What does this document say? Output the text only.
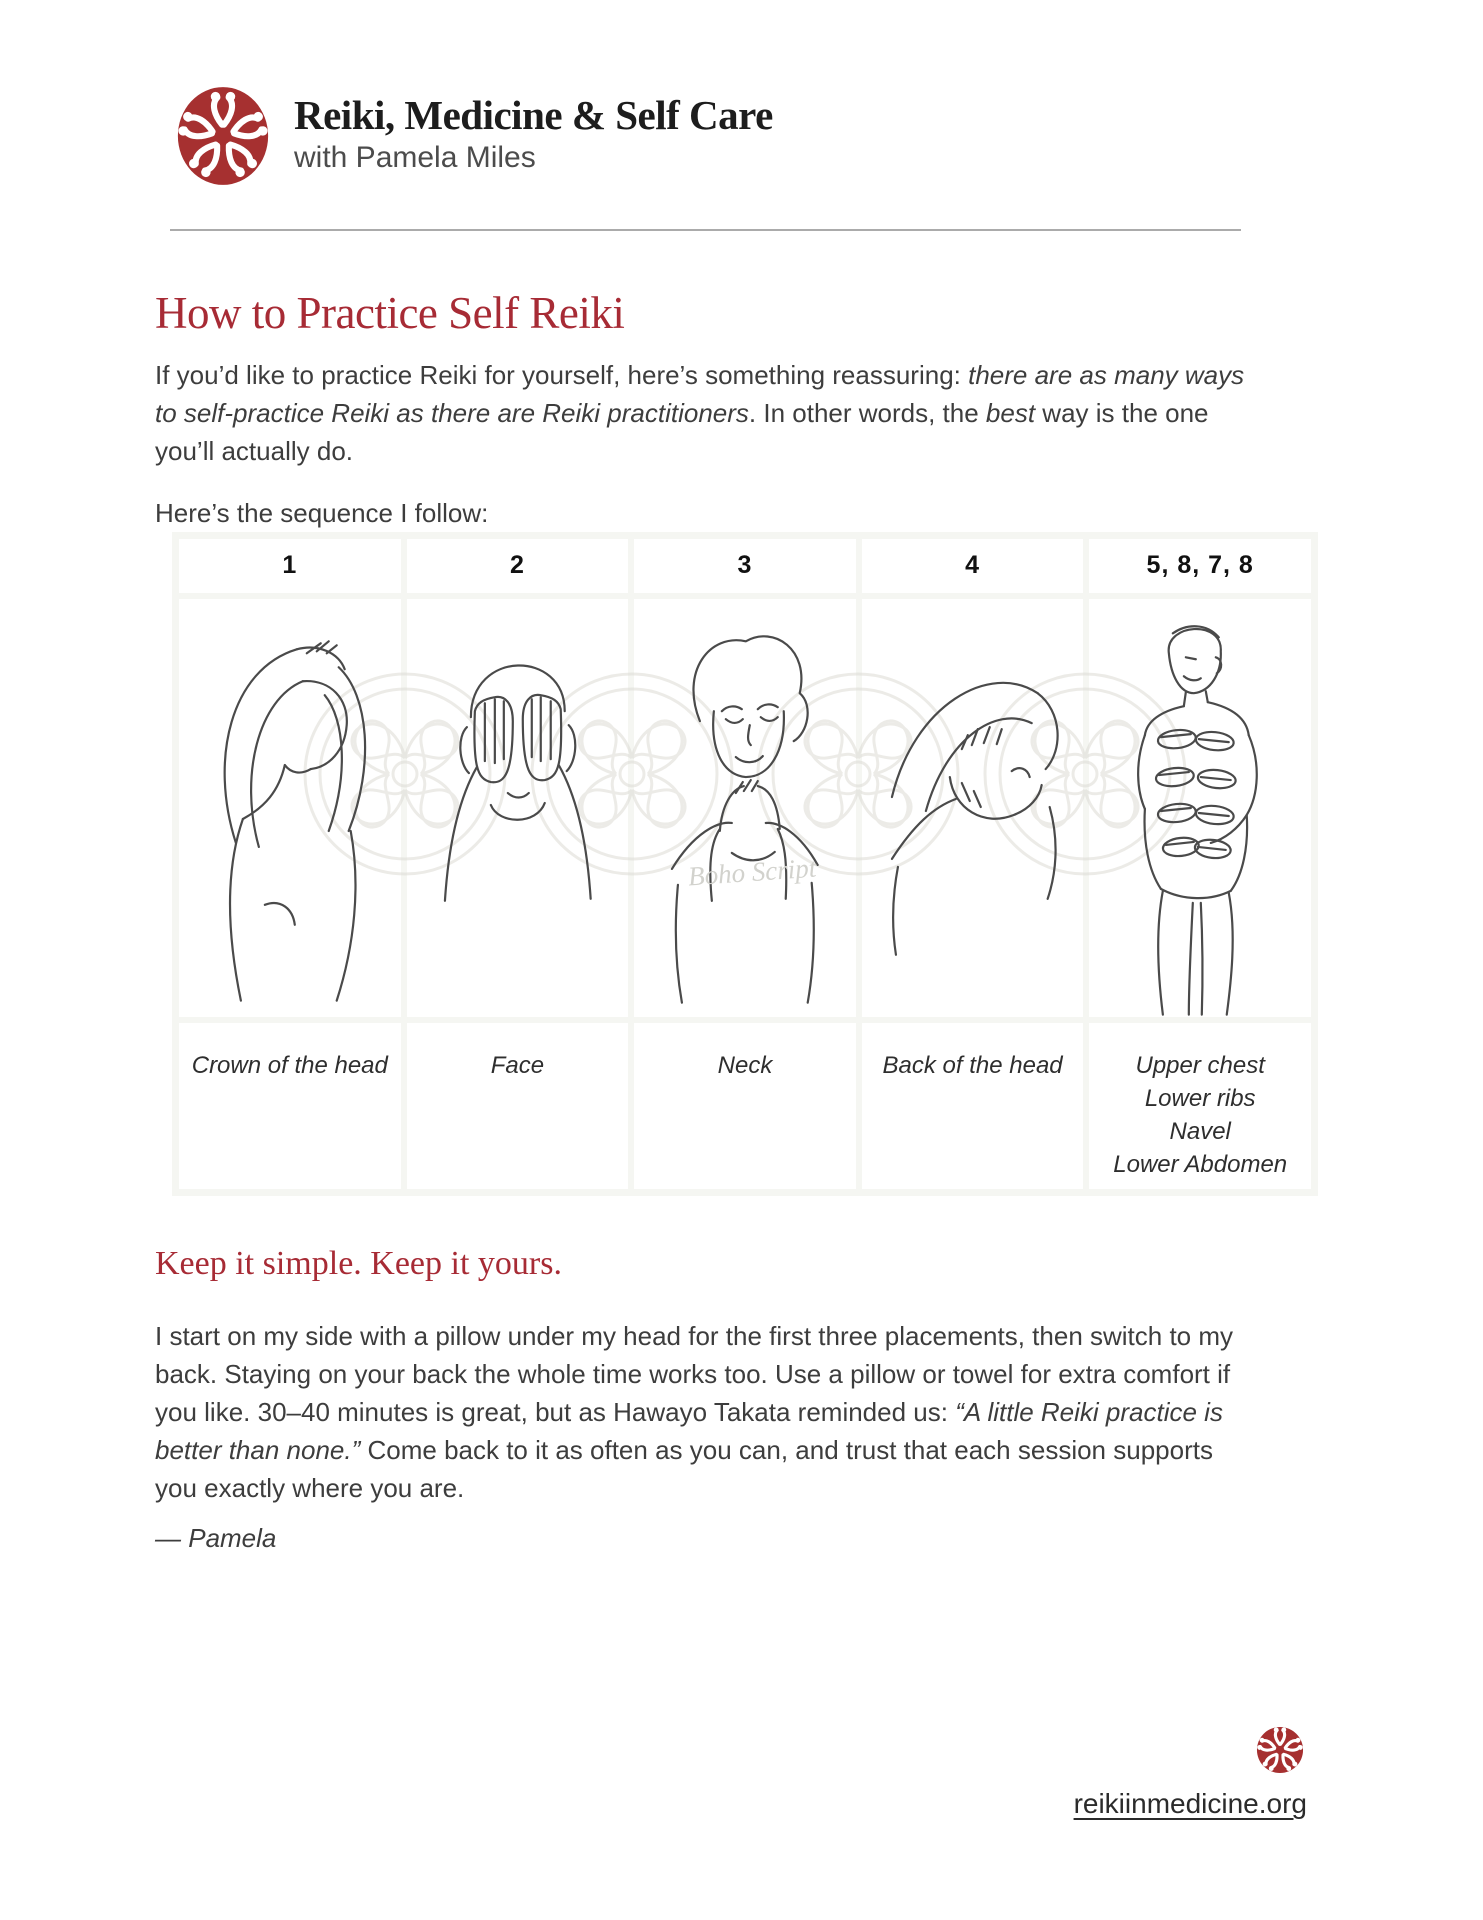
Reiki, Medicine & Self Care
with Pamela Miles
How to Practice Self Reiki

If you’d like to practice Reiki for yourself, here’s something reassuring: there are as many ways to self-practice Reiki as there are Reiki practitioners. In other words, the best way is the one you’ll actually do.

Here’s the sequence I follow:

1	2	3	4	5, 8, 7, 8
Boho Script
Crown of the head	Face	Neck	Back of the head	Upper chest
Lower ribs
Navel
Lower Abdomen
Keep it simple. Keep it yours.

I start on my side with a pillow under my head for the first three placements, then switch to my back. Staying on your back the whole time works too. Use a pillow or towel for extra comfort if you like. 30–40 minutes is great, but as Hawayo Takata reminded us: “A little Reiki practice is better than none.” Come back to it as often as you can, and trust that each session supports you exactly where you are.

— Pamela

reikiinmedicine.org
